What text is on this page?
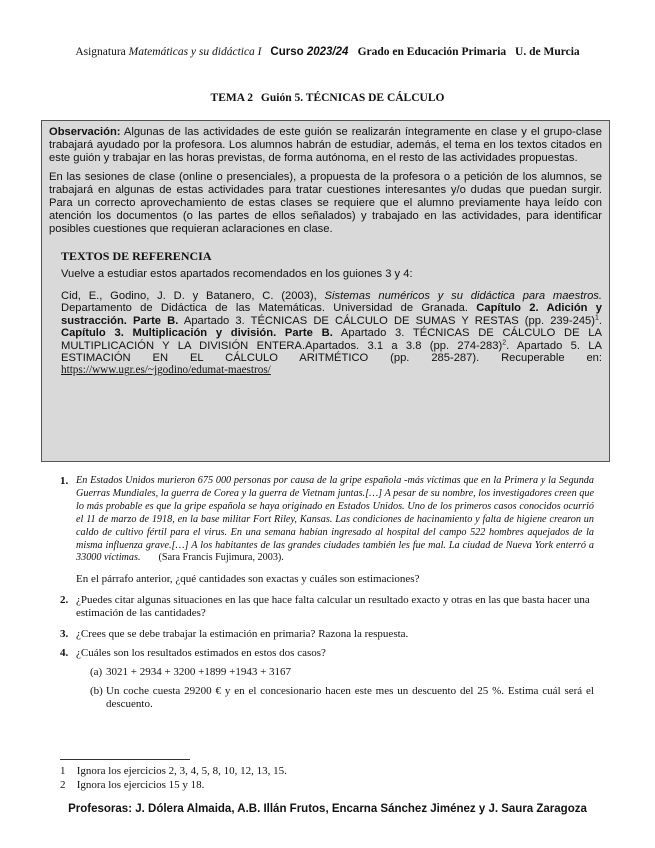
Asignatura Matemáticas y su didáctica I Curso 2023/24 Grado en Educación Primaria U. de Murcia
TEMA 2 Guión 5. TÉCNICAS DE CÁLCULO

Observación: Algunas de las actividades de este guión se realizarán íntegramente en clase y el grupo-clase trabajará ayudado por la profesora. Los alumnos habrán de estudiar, además, el tema en los textos citados en este guión y trabajar en las horas previstas, de forma autónoma, en el resto de las actividades propuestas.

En las sesiones de clase (online o presenciales), a propuesta de la profesora o a petición de los alumnos, se trabajará en algunas de estas actividades para tratar cuestiones interesantes y/o dudas que puedan surgir. Para un correcto aprovechamiento de estas clases se requiere que el alumno previamente haya leído con atención los documentos (o las partes de ellos señalados) y trabajado en las actividades, para identificar posibles cuestiones que requieran aclaraciones en clase.

TEXTOS DE REFERENCIA

Vuelve a estudiar estos apartados recomendados en los guiones 3 y 4:

Cid, E., Godino, J. D. y Batanero, C. (2003), Sistemas numéricos y su didáctica para maestros. Departamento de Didáctica de las Matemáticas. Universidad de Granada. Capítulo 2. Adición y sustracción. Parte B. Apartado 3. TÉCNICAS DE CÁLCULO DE SUMAS Y RESTAS (pp. 239-245)$^1$. Capítulo 3. Multiplicación y división. Parte B. Apartado 3. TÉCNICAS DE CÁLCULO DE LA MULTIPLICACIÓN Y LA DIVISIÓN ENTERA.Apartados. 3.1 a 3.8 (pp. 274-283)$^2$. Apartado 5. LA ESTIMACIÓN EN EL CÁLCULO ARITMÉTICO (pp. 285-287). Recuperable en: https://www.ugr.es/~jgodino/edumat-maestros/

1. En Estados Unidos murieron 675 000 personas por causa de la gripe española -más víctimas que en la Primera y la Segunda Guerras Mundiales, la guerra de Corea y la guerra de Vietnam juntas.[…] A pesar de su nombre, los investigadores creen que lo más probable es que la gripe española se haya originado en Estados Unidos. Uno de los primeros casos conocidos ocurrió el 11 de marzo de 1918, en la base militar Fort Riley, Kansas. Las condiciones de hacinamiento y falta de higiene crearon un caldo de cultivo fértil para el virus. En una semana habían ingresado al hospital del campo 522 hombres aquejados de la misma influenza grave.[…] A los habitantes de las grandes ciudades también les fue mal. La ciudad de Nueva York enterró a 33000 víctimas. (Sara Francis Fujimura, 2003).
En el párrafo anterior, ¿qué cantidades son exactas y cuáles son estimaciones?
2. ¿Puedes citar algunas situaciones en las que hace falta calcular un resultado exacto y otras en las que basta hacer una estimación de las cantidades?
3. ¿Crees que se debe trabajar la estimación en primaria? Razona la respuesta.
4. ¿Cuáles son los resultados estimados en estos dos casos?
(a) 3021 + 2934 + 3200 +1899 +1943 + 3167
(b) Un coche cuesta 29200 € y en el concesionario hacen este mes un descuento del 25 %. Estima cuál será el descuento.
1 Ignora los ejercicios 2, 3, 4, 5, 8, 10, 12, 13, 15.
2 Ignora los ejercicios 15 y 18.
Profesoras: J. Dólera Almaida, A.B. Illán Frutos, Encarna Sánchez Jiménez y J. Saura Zaragoza
